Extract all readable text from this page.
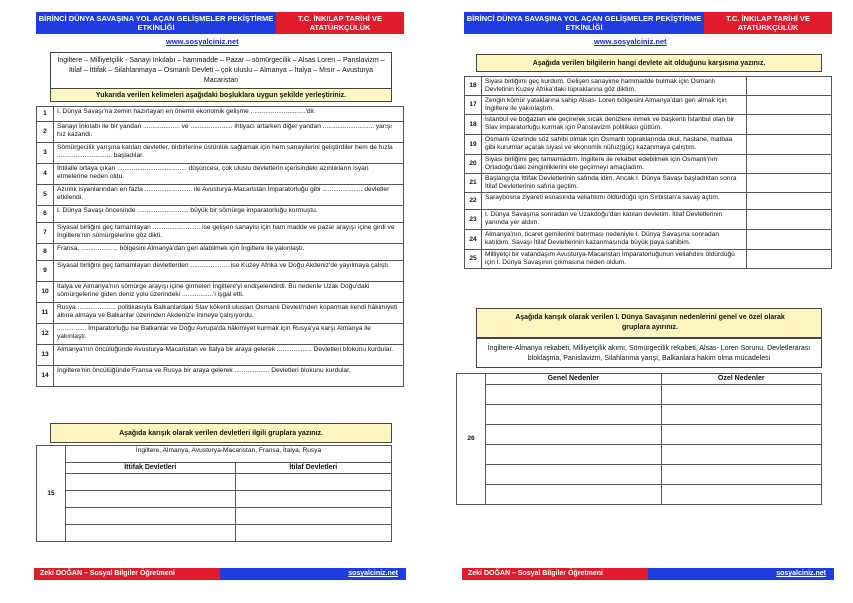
BİRİNCİ DÜNYA SAVAŞINA YOL AÇAN GELİŞMELER PEKİŞTİRME ETKİNLİĞİ
T.C. İNKILAP TARİHİ VE ATATÜRKÇÜLÜK
www.sosyalciniz.net
İngiltere – Milliyetçilik - Sanayi İnkılabı – hammadde – Pazar – sömürgecilik – Alsas Loren – Panslavizm – İtilaf – İttifak – Silahlanmaya – Osmanlı Devleti – çok uluslu – Almanya – İtalya – Mısır – Avusturya Macaristan
Yukarıda verilen kelimeleri aşağıdaki boşluklara uygun şekilde yerleştiriniz.
1	I. Dünya Savaşı'na zemin hazırlayan en önemli ekonomik gelişme ..............................'dir.
2	Sanayi İnkılabı ile bir yandan .................... ve ....................... ihtiyacı artarken diğer yandan ............................ yarışı hız kazandı.
3	Sömürgecilik yarışına katılan devletler, birbirlerine üstünlük sağlamak için hem sanayilerini geliştirdiler hem de hızla .............................. başladılar.
4	İhtilalle ortaya çıkan ...................................... düşüncesi, çok uluslu devletlerin içerisindeki azınlıkların isyan etmelerine neden oldu.
5	Azınlık isyanlarından en fazla .......................... ile Avusturya-Macaristan İmparatorluğu gibi ...................... devletler etkilendi.
6	I. Dünya Savaşı öncesinde ............................ büyük bir sömürge imparatorluğu kurmuştu.
7	Siyasal birliğini geç tamamlayan .......................... ise gelişen sanayisi için ham madde ve pazar arayışı içine girdi ve İngiltere'nin sömürgelerine göz dikti.
8	Fransa, .................... bölgesini Almanya'dan geri alabilmek için İngiltere ile yakınlaştı.
9	Siyasal birliğini geç tamamlayan devletlerden ..................... ise Kuzey Afrika ve Doğu Akdeniz'de yayılmaya çalıştı.
10	İtalya ve Almanya'nın sömürge arayışı içine girmeleri İngiltere'yi endişelendirdi. Bu nedenle Uzak Doğu'daki sömürgelerine giden deniz yolu üzerindeki .................'i işgal etti.
11	Rusya ..................... politikasıyla Balkanlardaki Slav kökenli ulusları Osmanlı Devleti'nden koparmak kendi hâkimiyeti altına almaya ve Balkanlar üzerinden Akdeniz'e inmeye çalışıyordu.
12	................ İmparatorluğu ise Balkanlar ve Doğu Avrupa'da hâkimiyet kurmak için Rusya'ya karşı Almanya ile yakınlaştı.
13	Almanya'nın öncülüğünde Avusturya-Macaristan ve İtalya bir araya gelerek ................... Devletleri blokunu kurdular.
14	İngiltere'nin öncülüğünde Fransa ve Rusya bir araya gelerek ................... Devletleri blokunu kurdular.
Aşağıda karışık olarak verilen devletleri ilgili gruplara yazınız.
15	İngiltere, Almanya, Avusturya-Macaristan, Fransa, İtalya, Rusya	
	İttifak Devletleri	İtilaf Devletleri

Zeki DOĞAN – Sosyal Bilgiler Öğretmeni	sosyalciniz.net
BİRİNCİ DÜNYA SAVAŞINA YOL AÇAN GELİŞMELER PEKİŞTİRME ETKİNLİĞİ
T.C. İNKILAP TARİHİ VE ATATÜRKÇÜLÜK
www.sosyalciniz.net
Aşağıda verilen bilgilerin hangi devlete ait olduğunu karşısına yazınız.
16	Siyasi birliğimi geç kurdum. Gelişen sanayime hammadde bulmak için Osmanlı Devletinin Kuzey Afrika'daki topraklarına göz diktim.	
17	Zengin kömür yataklarına sahip Alsas- Loren bölgesini Almanya'dan geri almak için İngiltere ile yakınlaştım.	
18	İstanbul ve boğazları ele geçirerek sıcak denizlere inmek ve başkenti İstanbul olan bir Slav imparatorluğu kurmak için Panslavizm politikası güttüm.	
19	Osmanlı üzerinde söz sahibi olmak için Osmanlı topraklarında okul, hastane, matbaa gibi kurumlar açarak siyasi ve ekonomik nüfuz(güç) kazanmaya çalıştım.	
20	Siyasi birliğimi geç tamamladım. İngiltere ile rekabet edebilmek için Osmanlı'nın Ortadoğu'daki zenginliklerini ele geçirmeyi amaçladım.	
21	Başlangıçta İttifak Devletlerinin safında idim. Ancak I. Dünya Savaşı başladıktan sonra İtilaf Devletlerinin safına geçtim.	
22	Saraybosna ziyareti esnasında veliahtımı öldürdüğü için Sırbistan'a savaş açtım.	
23	I. Dünya Savaşına sonradan ve Uzakdoğu'dan katılan devletim. İtilaf Devletlerinin yanında yer aldım.	
24	Almanya'nın, ticaret gemilerimi batırması nedeniyle I. Dünya Savaşına sonradan katıldım. Savaşı İtilaf Devletlerinin kazanmasında büyük paya sahibim.	
25	Milliyetçi bir vatandaşım Avusturya-Macaristan İmparatorluğunun veliahdını öldürdüğü için I. Dünya Savaşının çıkmasına neden oldum.	
Aşağıda karışık olarak verilen I. Dünya Savaşının nedenlerini genel ve özel olarak gruplara ayırınız.
İngiltere-Almanya rekabeti, Milliyetçilik akımı, Sömürgecilik rekabeti, Alsas- Loren Sorunu, Devletlerarası bloklaşma, Panislavizm, Silahlanma yarışı, Balkanlara hakim olma mücadelesi
26	Genel Nedenler	Özel Nedenler

Zeki DOĞAN – Sosyal Bilgiler Öğretmeni	sosyalciniz.net
